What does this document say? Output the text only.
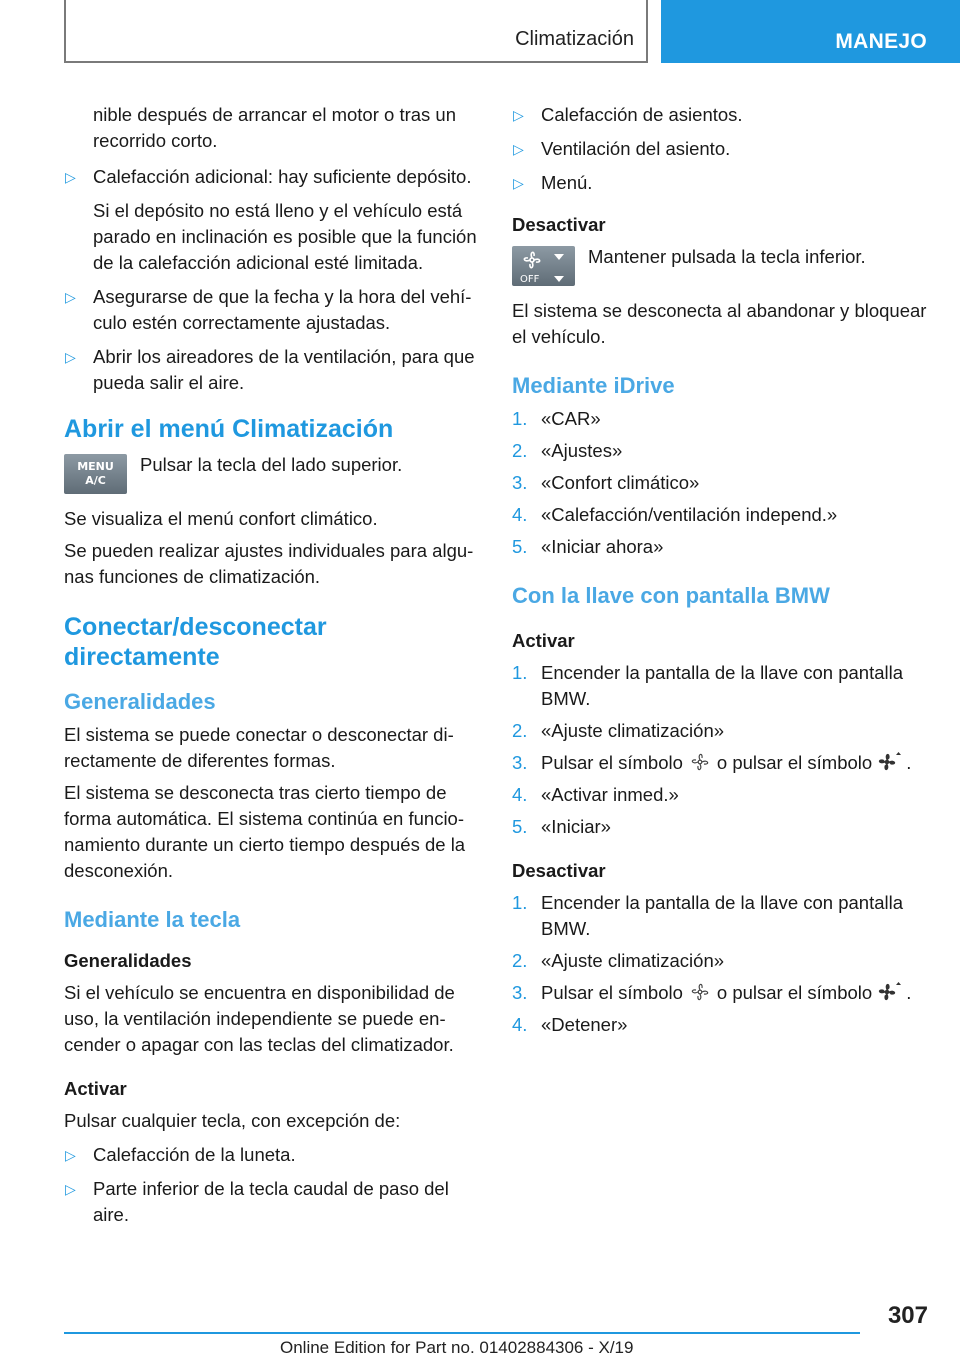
Climatización	MANEJO

nible después de arrancar el motor o tras un recorrido corto.

▷ Calefacción adicional: hay suficiente depósito.

Si el depósito no está lleno y el vehículo está parado en inclinación es posible que la función de la calefacción adicional esté limitada.

▷ Asegurarse de que la fecha y la hora del vehículo estén correctamente ajustadas.

▷ Abrir los aireadores de la ventilación, para que pueda salir el aire.

Abrir el menú Climatización
MENU
A/C
Pulsar la tecla del lado superior.

Se visualiza el menú confort climático.

Se pueden realizar ajustes individuales para algunas funciones de climatización.

Conectar/desconectar directamente
Generalidades

El sistema se puede conectar o desconectar directamente de diferentes formas.

El sistema se desconecta tras cierto tiempo de forma automática. El sistema continúa en funcionamiento durante un cierto tiempo después de la desconexión.

Mediante la tecla
Generalidades

Si el vehículo se encuentra en disponibilidad de uso, la ventilación independiente se puede encender o apagar con las teclas del climatizador.

Activar

Pulsar cualquier tecla, con excepción de:

▷ Calefacción de la luneta.

▷ Parte inferior de la tecla caudal de paso del aire.

▷ Calefacción de asientos.

▷ Ventilación del asiento.

▷ Menú.

Desactivar
OFF
Mantener pulsada la tecla inferior.

El sistema se desconecta al abandonar y bloquear el vehículo.

Mediante iDrive
1. «CAR»
2. «Ajustes»
3. «Confort climático»
4. «Calefacción/ventilación independ.»
5. «Iniciar ahora»
Con la llave con pantalla BMW
Activar
1. Encender la pantalla de la llave con pantalla BMW.
2. «Ajuste climatización»
3. Pulsar el símbolo o pulsar el símbolo .
4. «Activar inmed.»
5. «Iniciar»
Desactivar
1. Encender la pantalla de la llave con pantalla BMW.
2. «Ajuste climatización»
3. Pulsar el símbolo o pulsar el símbolo .
4. «Detener»
307
Online Edition for Part no. 01402884306 - X/19
